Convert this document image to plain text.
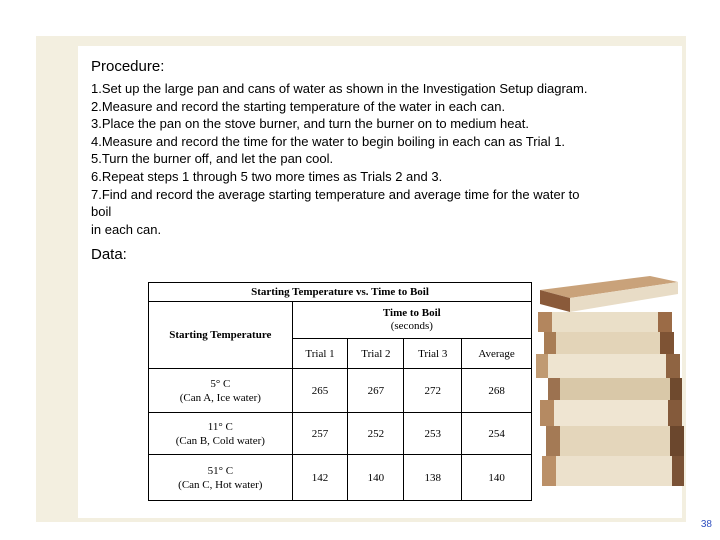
Procedure:
1.Set up the large pan and cans of water as shown in the Investigation Setup diagram.
2.Measure and record the starting temperature of the water in each can.
3.Place the pan on the stove burner, and turn the burner on to medium heat.
4.Measure and record the time for the water to begin boiling in each can as Trial 1.
5.Turn the burner off, and let the pan cool.
6.Repeat steps 1 through 5 two more times as Trials 2 and 3.
7.Find and record the average starting temperature and average time for the water to
boil
in each can.
Data:
Starting Temperature vs. Time to Boil				
Starting Temperature	Time to Boil
(seconds)			

	Trial 1	Trial 2	Trial 3	Average

5° C
(Can A, Ice water)	265	267	272	268

11° C
(Can B, Cold water)	257	252	253	254

51° C
(Can C, Hot water)	142	140	138	140
38
